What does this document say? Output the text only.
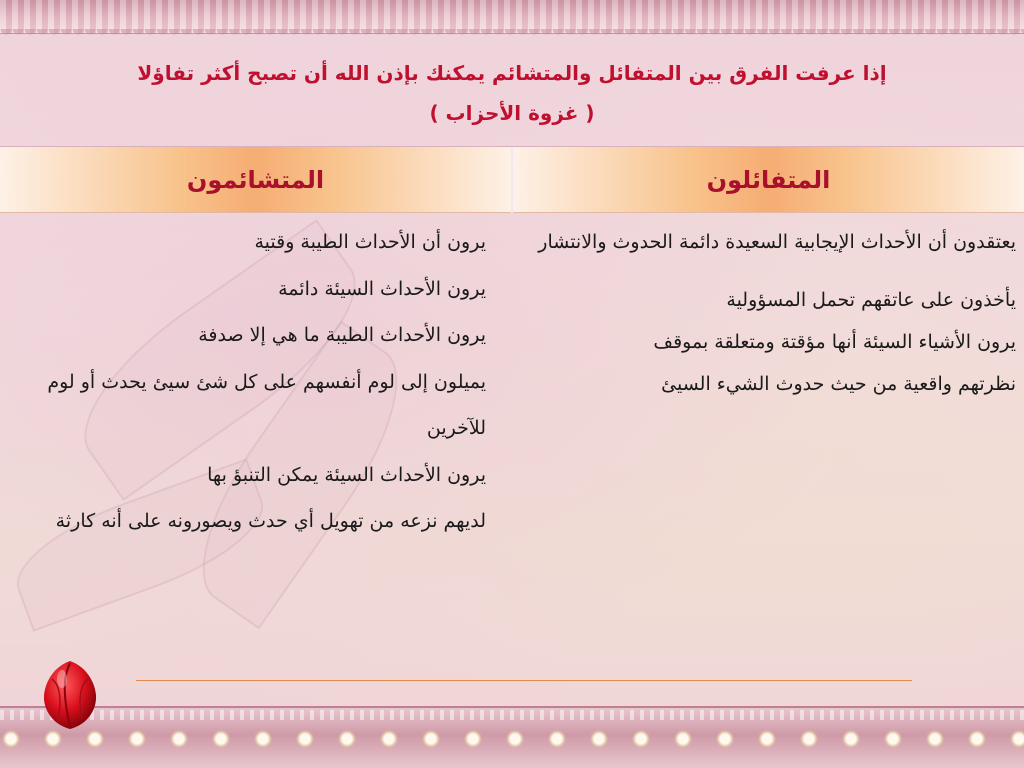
إذا عرفت الفرق بين المتفائل والمتشائم يمكنك بإذن الله أن تصبح أكثر تفاؤلا
( غزوة الأحزاب )
المتفائلون
المتشائمون

يعتقدون أن الأحداث الإيجابية السعيدة دائمة الحدوث والانتشار

يأخذون على عاتقهم تحمل المسؤولية

يرون الأشياء السيئة أنها مؤقتة ومتعلقة بموقف

نظرتهم واقعية من حيث حدوث الشيء السيئ

يرون أن الأحداث الطيبة وقتية

يرون الأحداث السيئة دائمة

يرون الأحداث الطيبة ما هي إلا صدفة

يميلون إلى لوم أنفسهم على كل شئ سيئ يحدث أو لوم للآخرين

يرون الأحداث السيئة يمكن التنبؤ بها

لديهم نزعه من تهويل أي حدث ويصورونه على أنه كارثة
